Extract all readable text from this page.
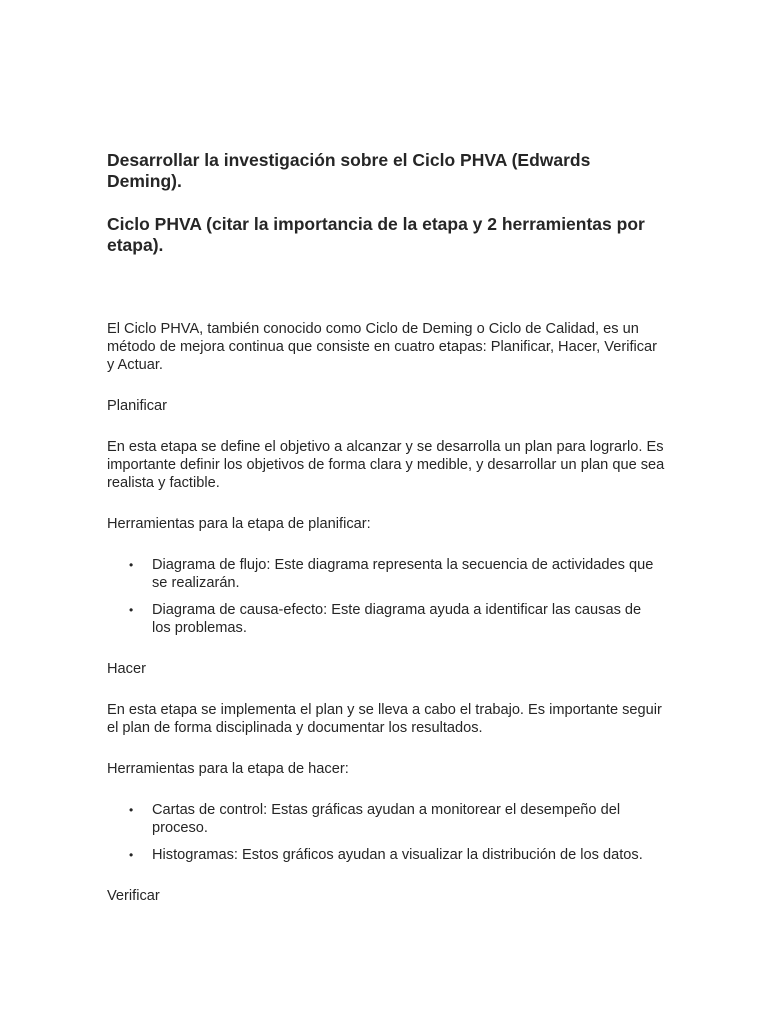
Desarrollar la investigación sobre el Ciclo PHVA (Edwards Deming).
Ciclo PHVA (citar la importancia de la etapa y 2 herramientas por etapa).

El Ciclo PHVA, también conocido como Ciclo de Deming o Ciclo de Calidad, es un método de mejora continua que consiste en cuatro etapas: Planificar, Hacer, Verificar y Actuar.

Planificar

En esta etapa se define el objetivo a alcanzar y se desarrolla un plan para lograrlo. Es importante definir los objetivos de forma clara y medible, y desarrollar un plan que sea realista y factible.

Herramientas para la etapa de planificar:

• Diagrama de flujo: Este diagrama representa la secuencia de actividades que se realizarán.
• Diagrama de causa-efecto: Este diagrama ayuda a identificar las causas de los problemas.

Hacer

En esta etapa se implementa el plan y se lleva a cabo el trabajo. Es importante seguir el plan de forma disciplinada y documentar los resultados.

Herramientas para la etapa de hacer:

• Cartas de control: Estas gráficas ayudan a monitorear el desempeño del proceso.
• Histogramas: Estos gráficos ayudan a visualizar la distribución de los datos.

Verificar
